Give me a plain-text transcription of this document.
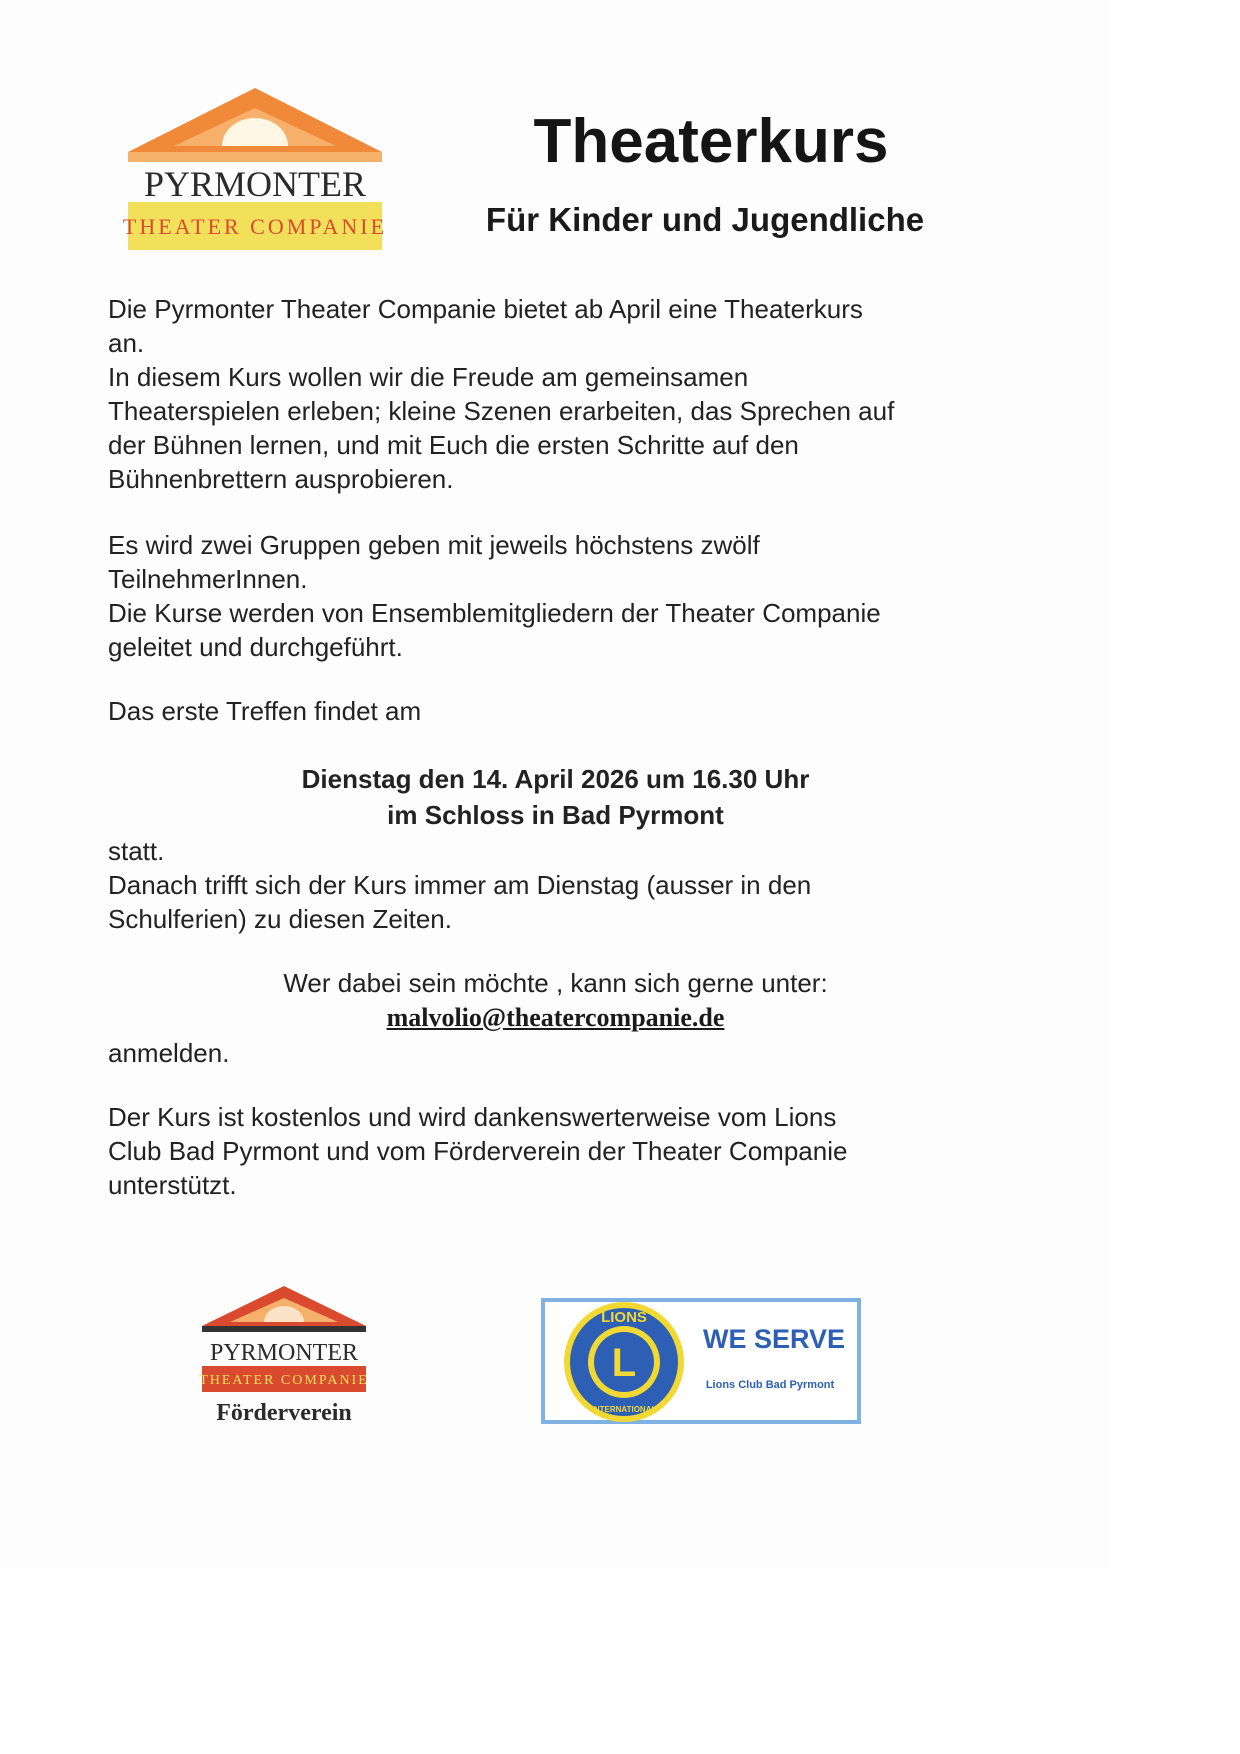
PYRMONTER
THEATER COMPANIE
Theaterkurs
Für Kinder und Jugendliche
Die Pyrmonter Theater Companie bietet ab April eine Theaterkurs
an.
In diesem Kurs wollen wir die Freude am gemeinsamen
Theaterspielen erleben; kleine Szenen erarbeiten, das Sprechen auf
der Bühnen lernen, und mit Euch die ersten Schritte auf den
Bühnenbrettern ausprobieren.
Es wird zwei Gruppen geben mit jeweils höchstens zwölf
TeilnehmerInnen.
Die Kurse werden von Ensemblemitgliedern der Theater Companie
geleitet und durchgeführt.
Das erste Treffen findet am
Dienstag den 14. April 2026 um 16.30 Uhr
im Schloss in Bad Pyrmont
statt.
Danach trifft sich der Kurs immer am Dienstag (ausser in den
Schulferien) zu diesen Zeiten.
Wer dabei sein möchte , kann sich gerne unter:
malvolio@theatercompanie.de
anmelden.
Der Kurs ist kostenlos und wird dankenswerterweise vom Lions
Club Bad Pyrmont und vom Förderverein der Theater Companie
unterstützt.
PYRMONTER
THEATER COMPANIE
Förderverein
L
LIONS
INTERNATIONAL
WE SERVE
Lions Club Bad Pyrmont
